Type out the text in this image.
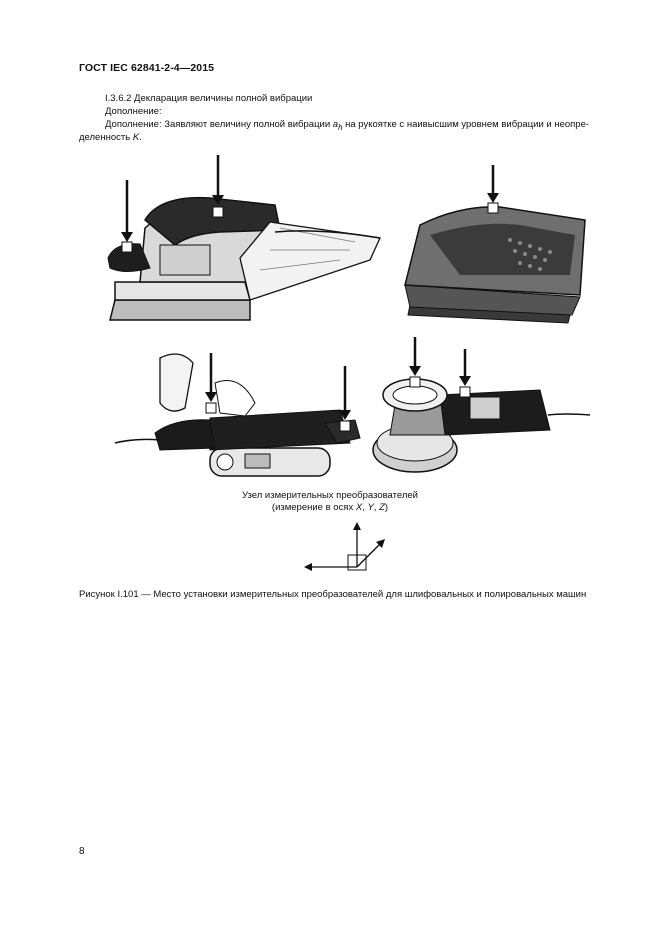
ГОСТ IEC 62841-2-4—2015
I.3.6.2 Декларация величины полной вибрации
Дополнение:
Дополнение: Заявляют величину полной вибрации $a_h$ на рукоятке с наивысшим уровнем вибрации и неопре-
деленность K.
Узел измерительных преобразователей
(измерение в осях X, Y, Z)
Рисунок I.101 — Место установки измерительных преобразователей для шлифовальных и полировальных машин
8
